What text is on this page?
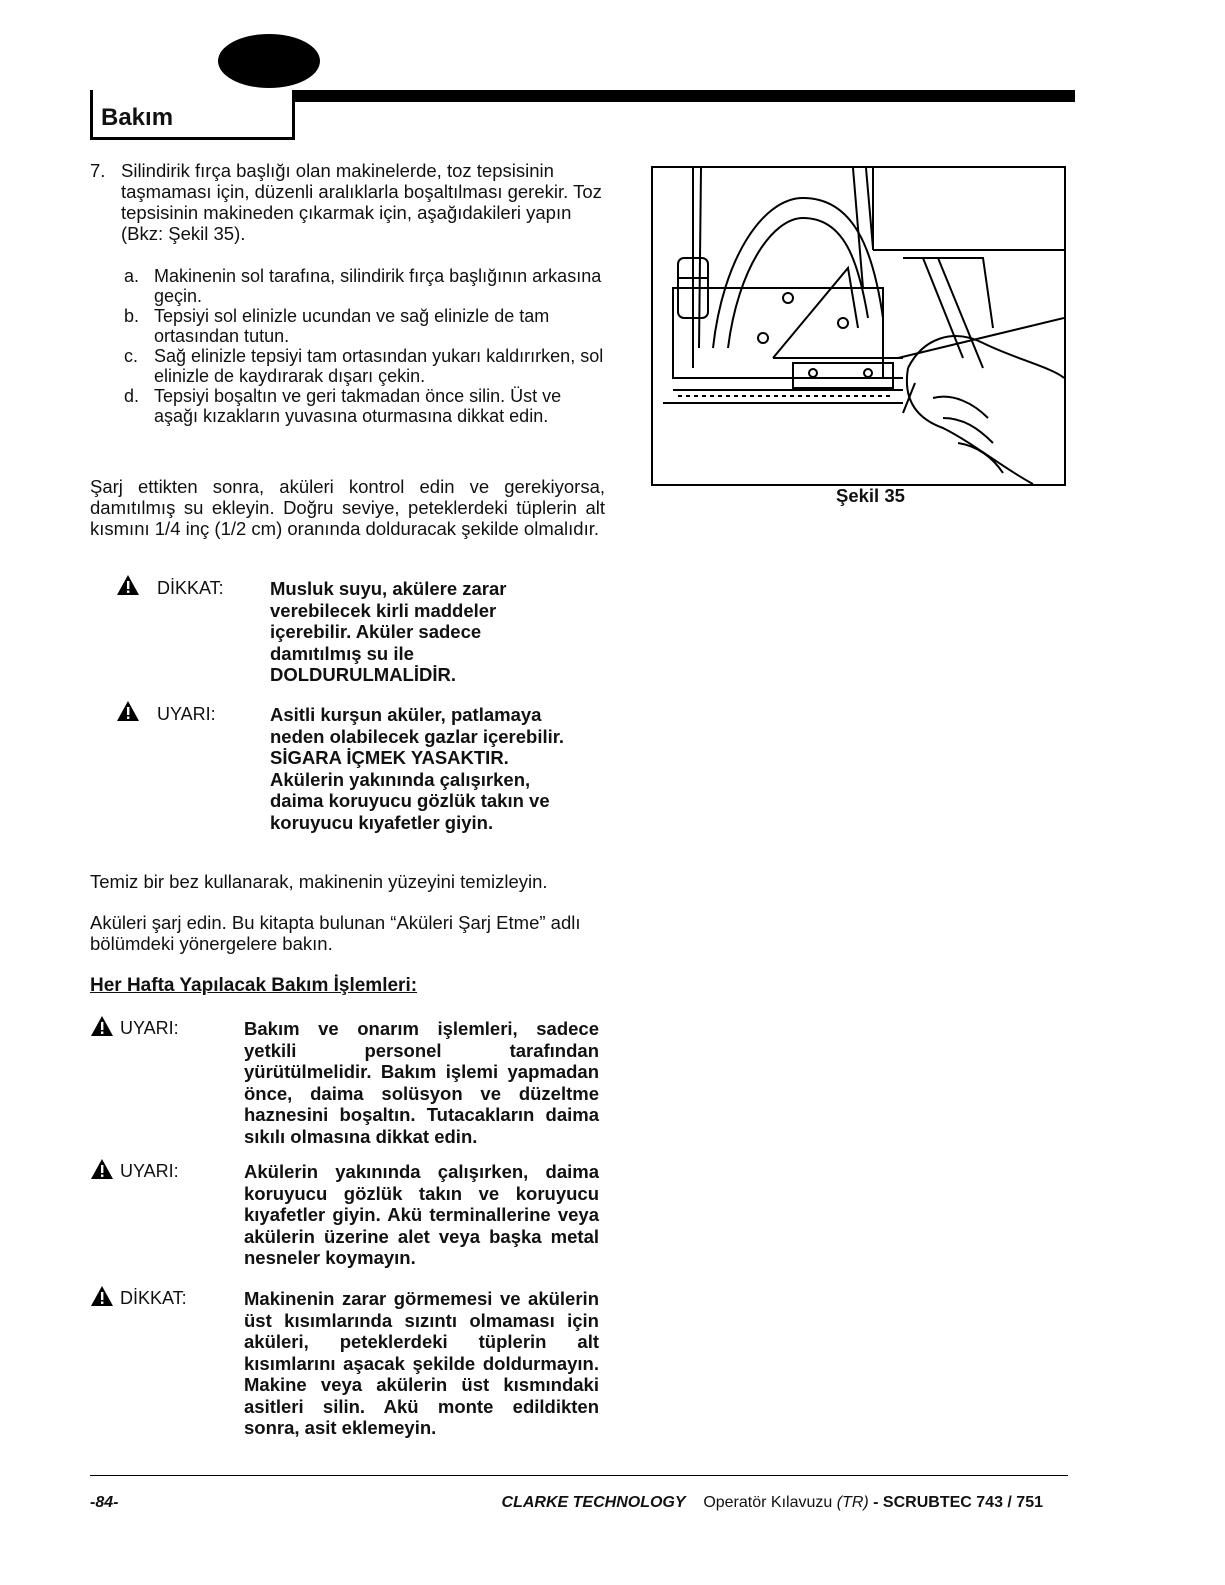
Bakım
7. Silindirik fırça başlığı olan makinelerde, toz tepsisinin taşmaması için, düzenli aralıklarla boşaltılması gerekir. Toz tepsisinin makineden çıkarmak için, aşağıdakileri yapın (Bkz: Şekil 35).

a. Makinenin sol tarafına, silindirik fırça başlığının arkasına geçin.
b. Tepsiyi sol elinizle ucundan ve sağ elinizle de tam ortasından tutun.
c. Sağ elinizle tepsiyi tam ortasından yukarı kaldırırken, sol elinizle de kaydırarak dışarı çekin.
d. Tepsiyi boşaltın ve geri takmadan önce silin. Üst ve aşağı kızakların yuvasına oturmasına dikkat edin.

Şarj ettikten sonra, aküleri kontrol edin ve gerekiyorsa, damıtılmış su ekleyin. Doğru seviye, peteklerdeki tüplerin alt kısmını 1/4 inç (1/2 cm) oranında dolduracak şekilde olmalıdır.

DİKKAT:	Musluk suyu, akülere zarar verebilecek kirli maddeler içerebilir. Aküler sadece damıtılmış su ile DOLDURULMALİDİR.

UYARI:	Asitli kurşun aküler, patlamaya neden olabilecek gazlar içerebilir. SİGARA İÇMEK YASAKTIR. Akülerin yakınında çalışırken, daima koruyucu gözlük takın ve koruyucu kıyafetler giyin.

Temiz bir bez kullanarak, makinenin yüzeyini temizleyin.

Aküleri şarj edin. Bu kitapta bulunan “Aküleri Şarj Etme” adlı bölümdeki yönergelere bakın.

Her Hafta Yapılacak Bakım İşlemleri:

UYARI:	Bakım ve onarım işlemleri, sadece yetkili personel tarafından yürütülmelidir. Bakım işlemi yapmadan önce, daima solüsyon ve düzeltme haznesini boşaltın. Tutacakların daima sıkılı olmasına dikkat edin.

UYARI:	Akülerin yakınında çalışırken, daima koruyucu gözlük takın ve koruyucu kıyafetler giyin. Akü terminallerine veya akülerin üzerine alet veya başka metal nesneler koymayın.

DİKKAT:	Makinenin zarar görmemesi ve akülerin üst kısımlarında sızıntı olmaması için aküleri, peteklerdeki tüplerin alt kısımlarını aşacak şekilde doldurmayın. Makine veya akülerin üst kısmındaki asitleri silin. Akü monte edildikten sonra, asit eklemeyin.

Şekil 35

-84-	CLARKE TECHNOLOGY Operatör Kılavuzu (TR) - SCRUBTEC 743 / 751
